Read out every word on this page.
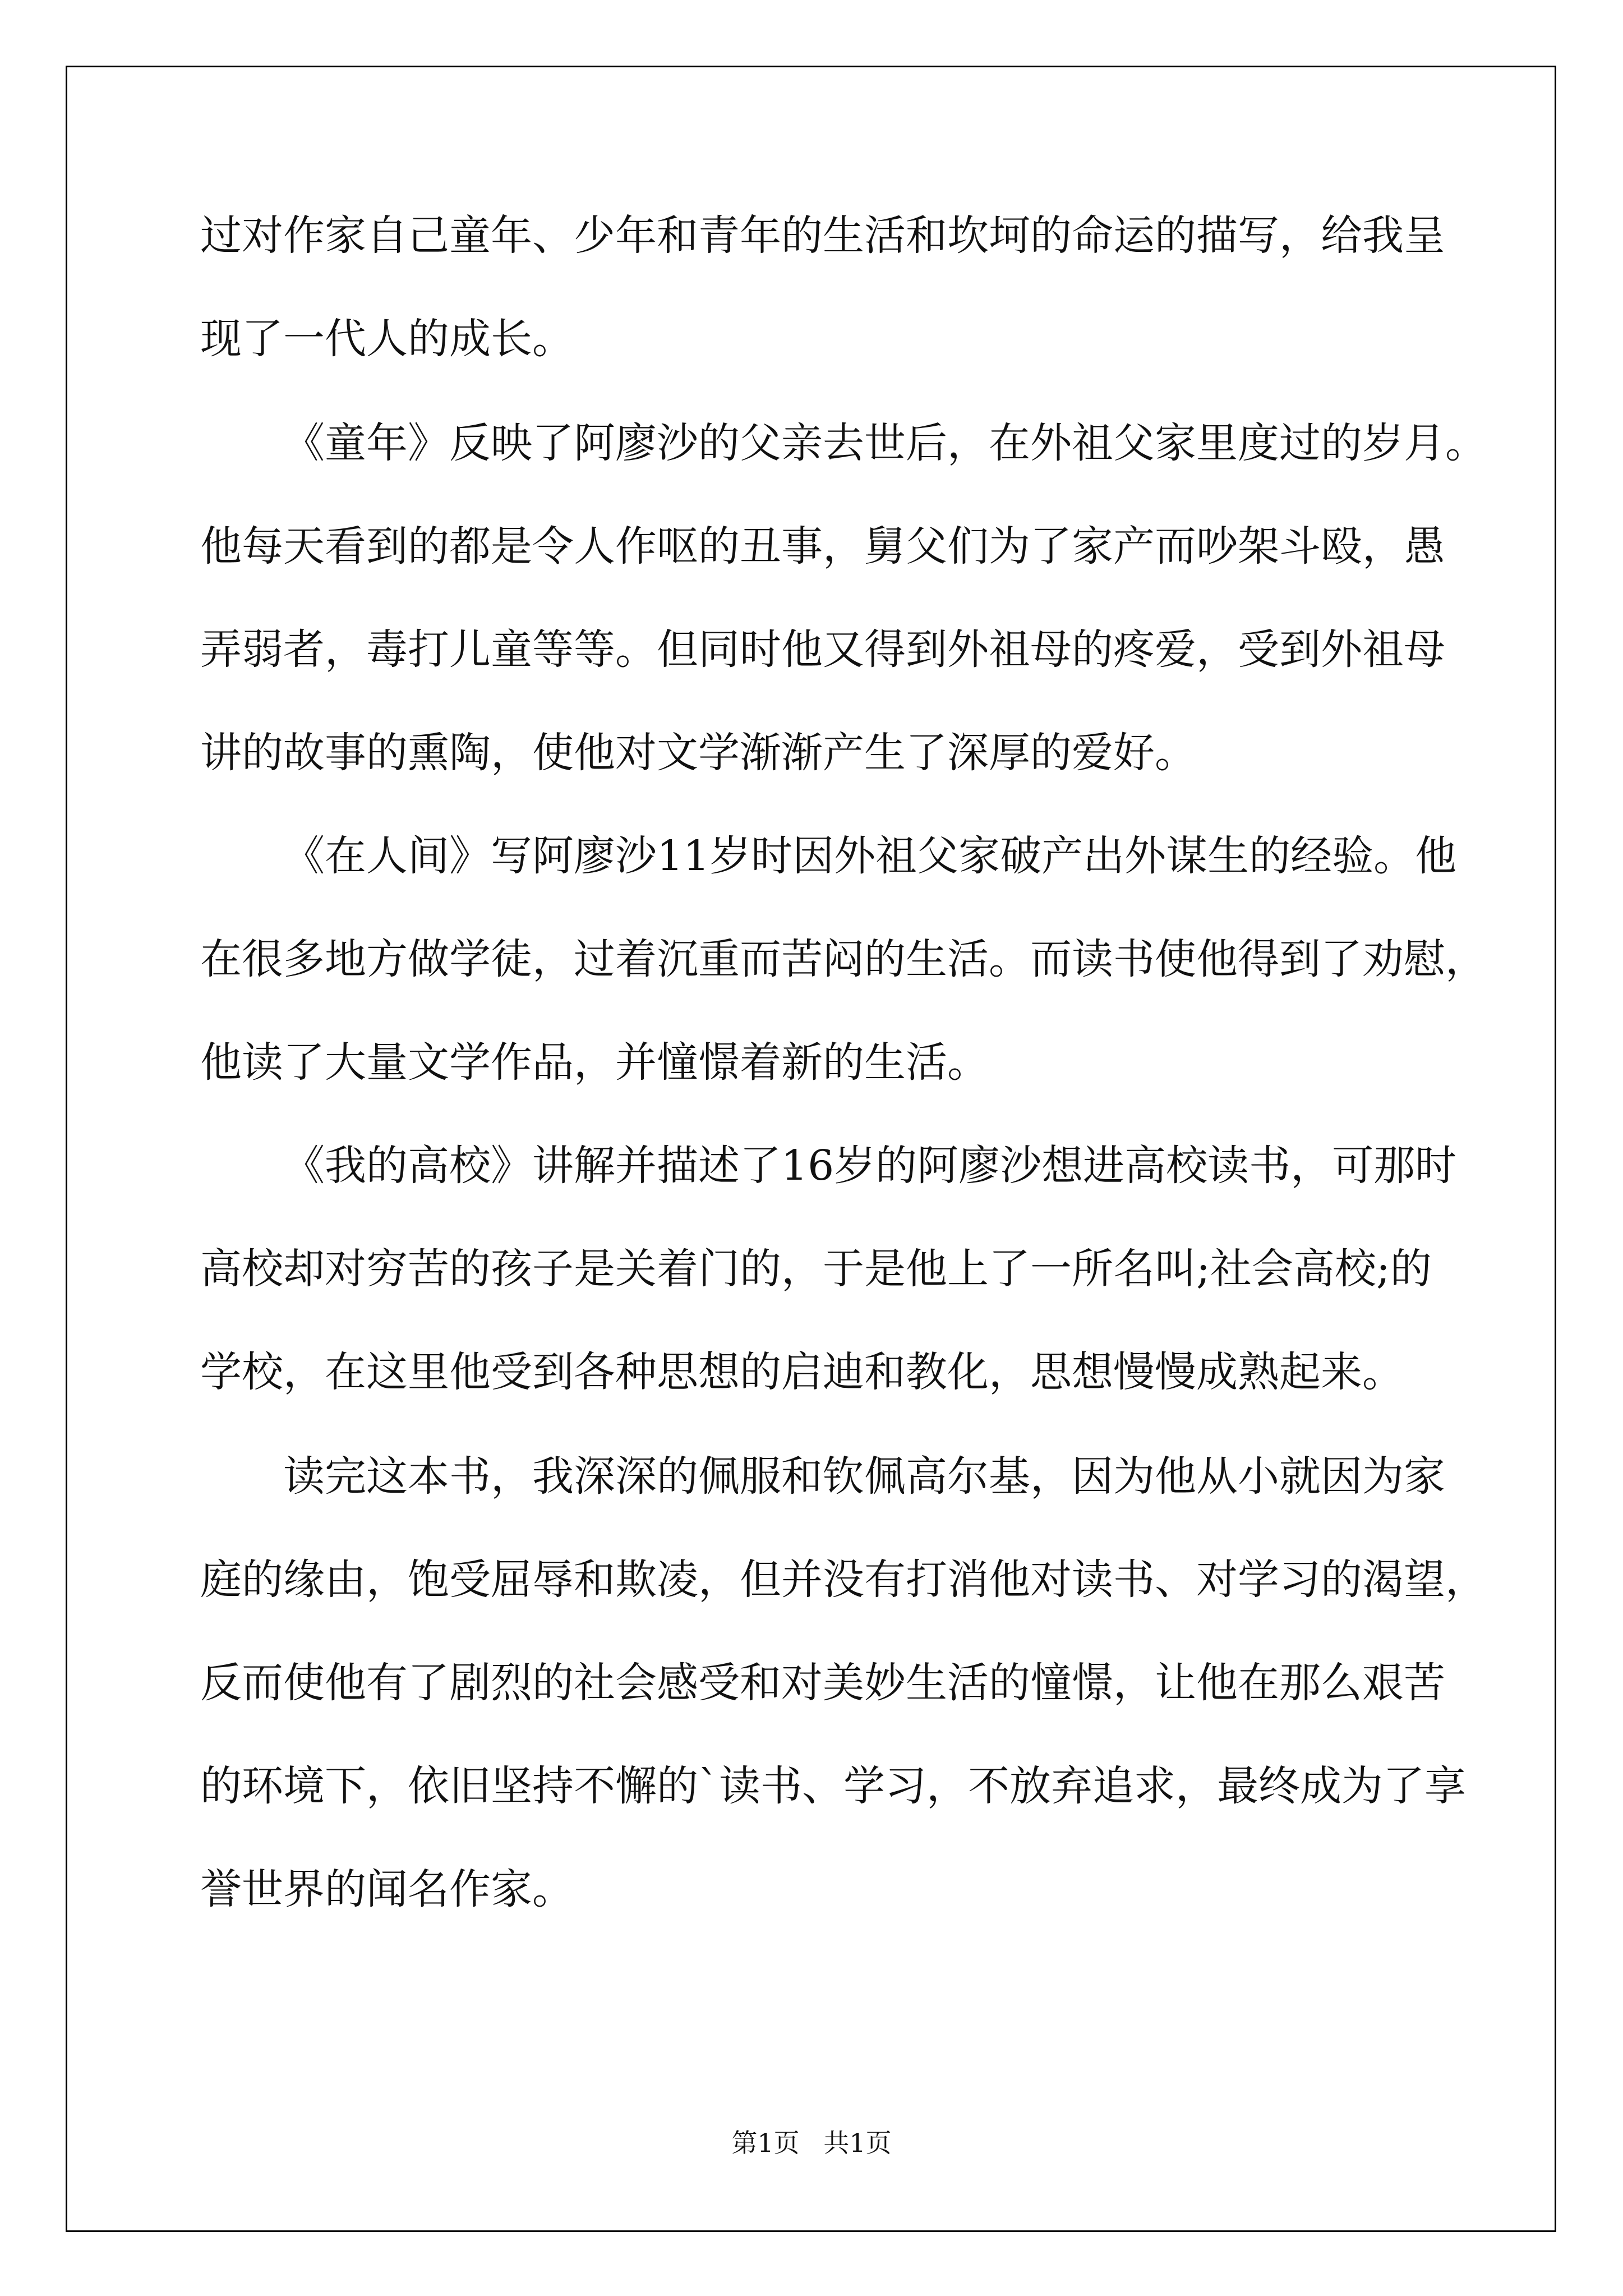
过对作家自己童年、少年和青年的生活和坎坷的命运的描写，给我呈
现了一代人的成长。
《童年》反映了阿廖沙的父亲去世后，在外祖父家里度过的岁月。
他每天看到的都是令人作呕的丑事，舅父们为了家产而吵架斗殴，愚
弄弱者，毒打儿童等等。但同时他又得到外祖母的疼爱，受到外祖母
讲的故事的熏陶，使他对文学渐渐产生了深厚的爱好。
《在人间》写阿廖沙11岁时因外祖父家破产出外谋生的经验。他
在很多地方做学徒，过着沉重而苦闷的生活。而读书使他得到了劝慰，
他读了大量文学作品，并憧憬着新的生活。
《我的高校》讲解并描述了16岁的阿廖沙想进高校读书，可那时
高校却对穷苦的孩子是关着门的，于是他上了一所名叫;社会高校;的
学校，在这里他受到各种思想的启迪和教化，思想慢慢成熟起来。
读完这本书，我深深的佩服和钦佩高尔基，因为他从小就因为家
庭的缘由，饱受屈辱和欺凌，但并没有打消他对读书、对学习的渴望，
反而使他有了剧烈的社会感受和对美妙生活的憧憬，让他在那么艰苦
的环境下，依旧坚持不懈的`读书、学习，不放弃追求，最终成为了享
誉世界的闻名作家。
第1页 共1页
